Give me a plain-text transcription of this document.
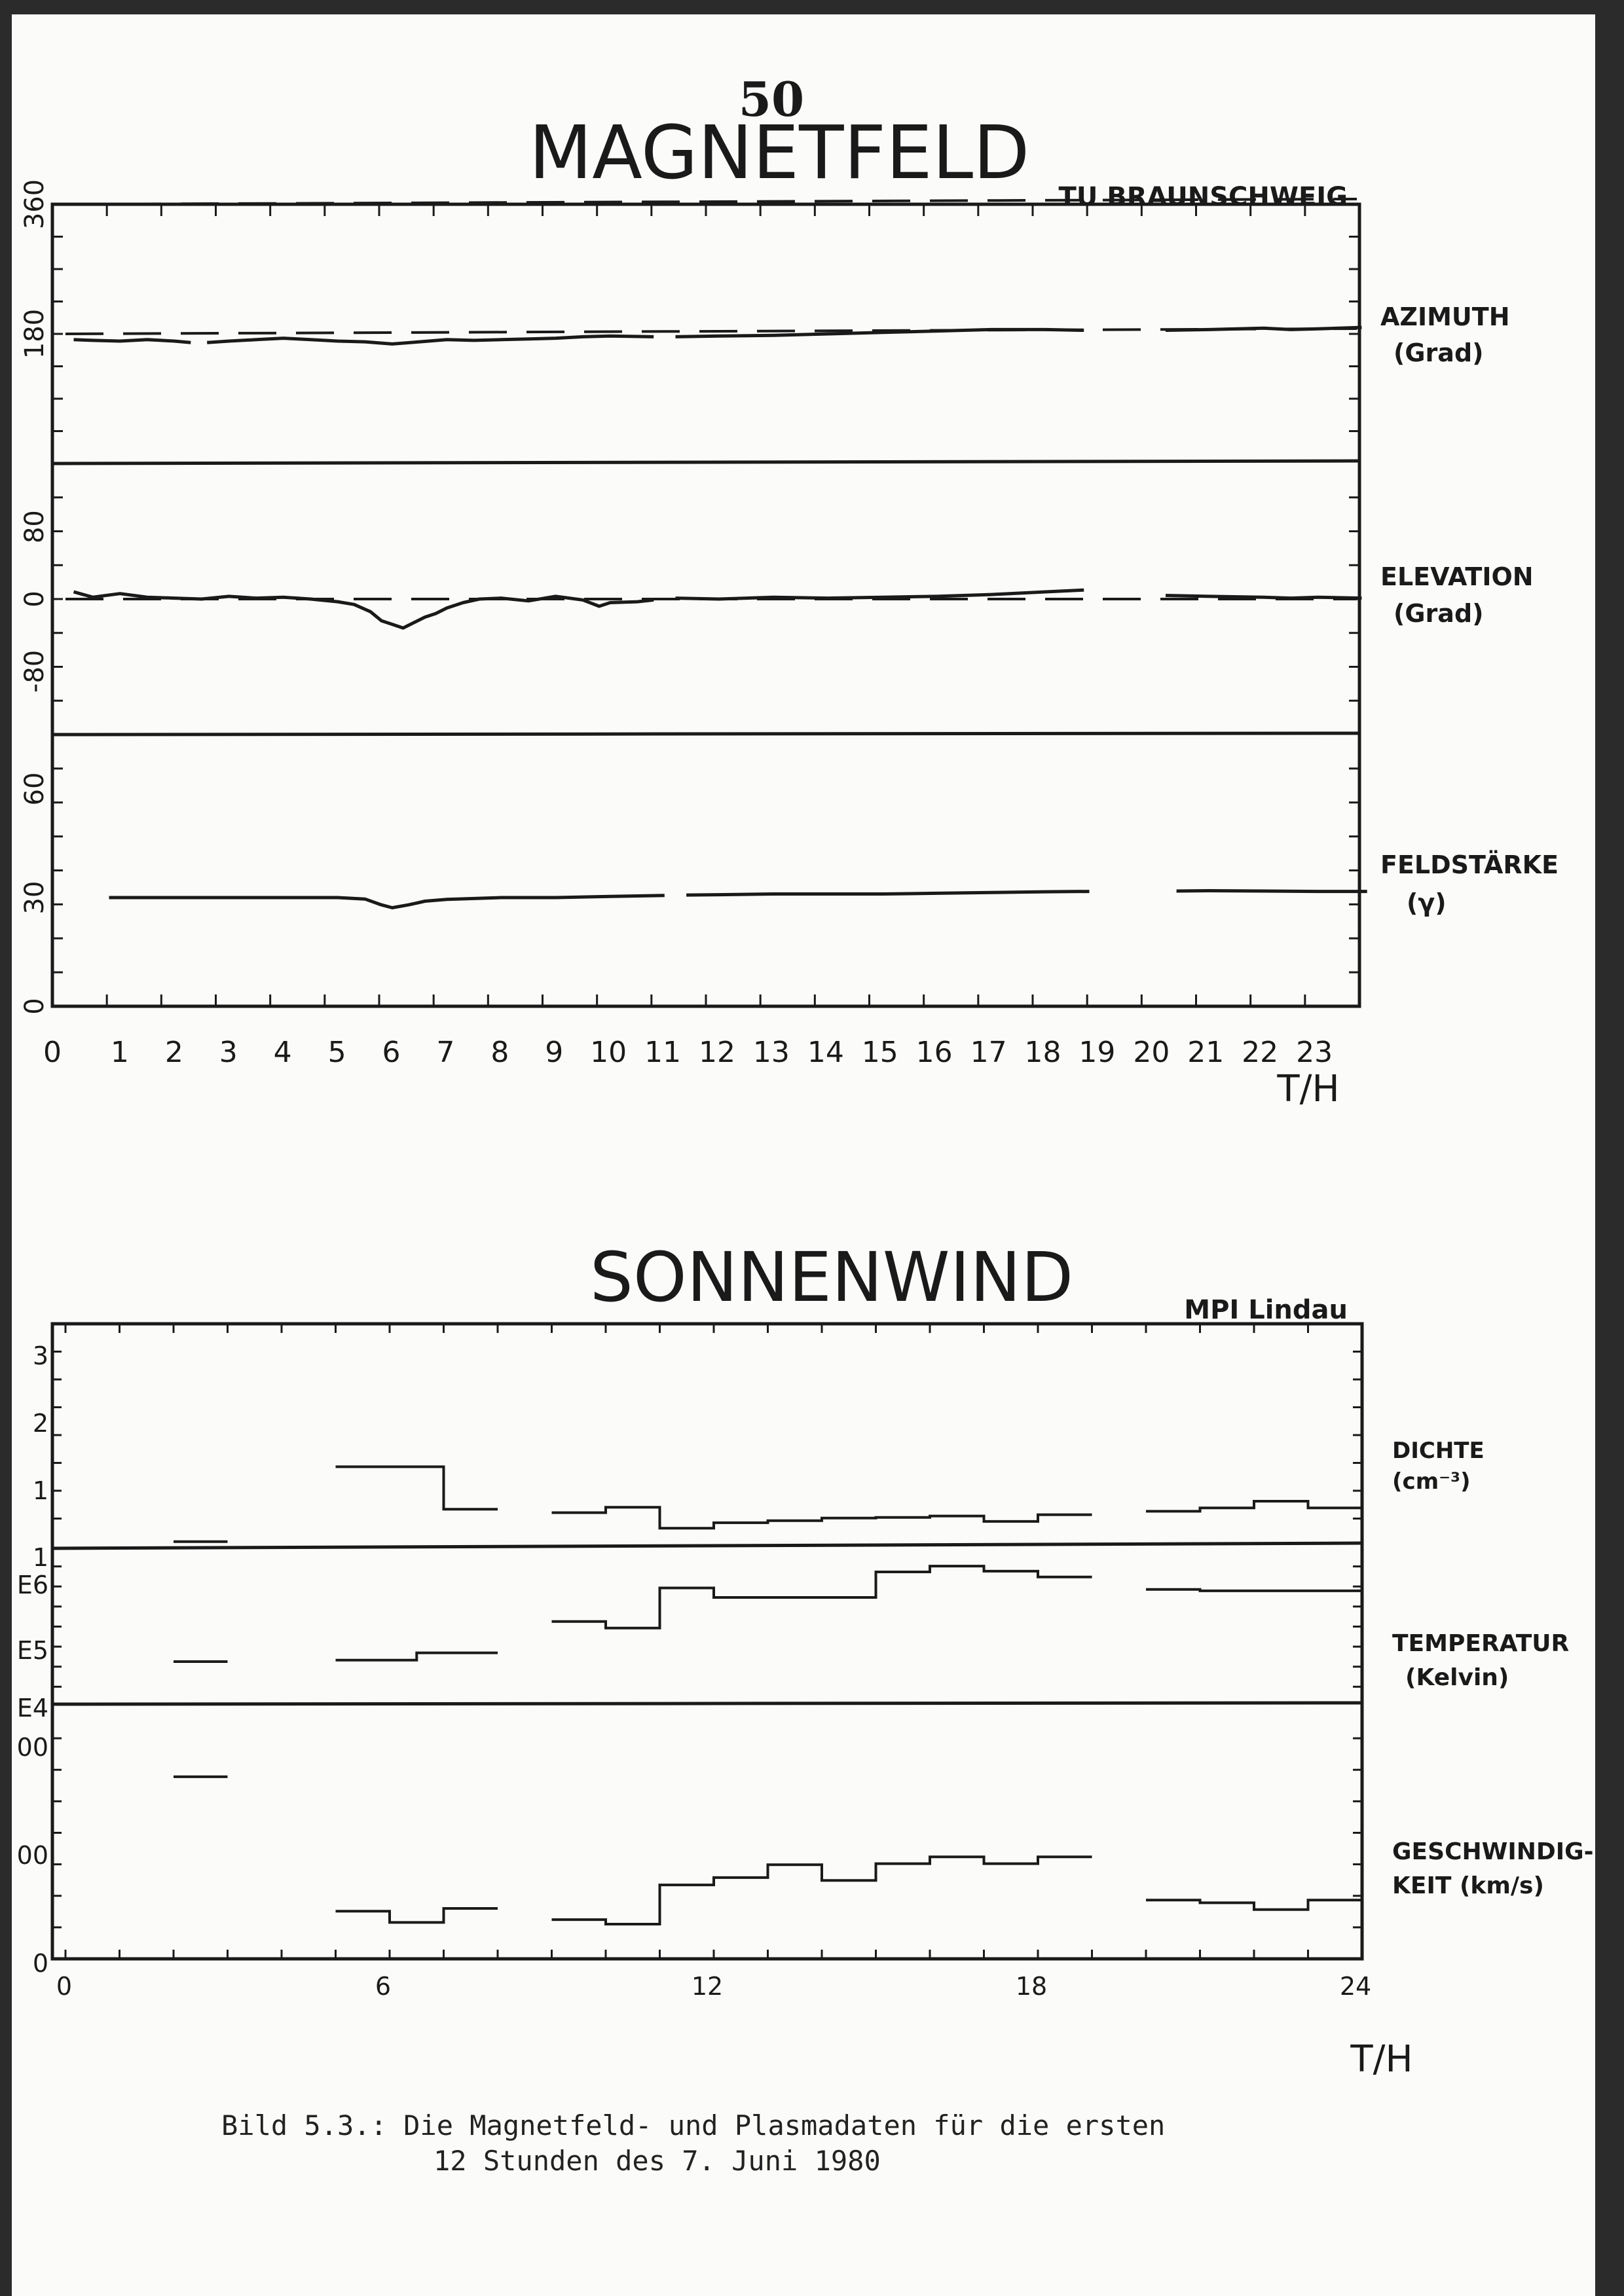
50
MAGNETFELD
TU BRAUNSCHWEIG
0 1 2 3 4 5 6 7 8 9 10 11 12 13 14 15 16 17 18 19 20 21 22 23
360
180
80
0
-80
60
30
0
AZIMUTH
(Grad)
ELEVATION
(Grad)
FELDSTÄRKE
(γ)
T/H
SONNENWIND	MPI Lindau
0	6	12	18	24
3
2
1
1
E6
E5
E4
00
00
0
DICHTE
(cm⁻³)
TEMPERATUR
(Kelvin)
GESCHWINDIG-
KEIT (km/s)
T/H
Bild 5.3.: Die Magnetfeld- und Plasmadaten für die ersten
12 Stunden des 7. Juni 1980
